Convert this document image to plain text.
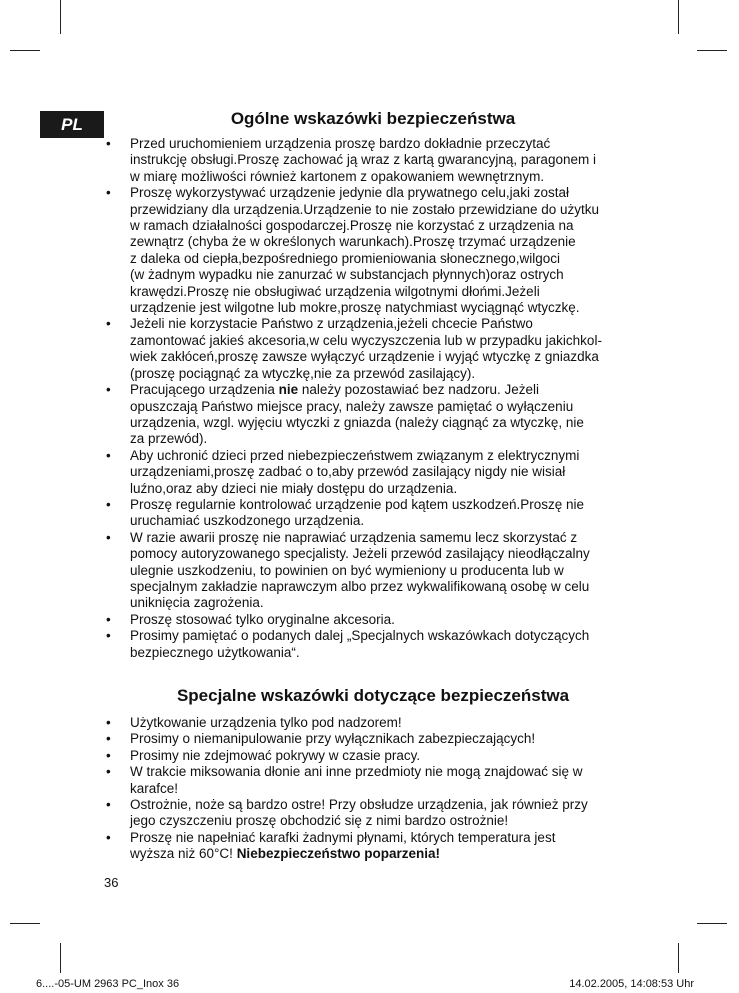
PL	Ogólne wskazówki bezpieczeństwa
• Przed uruchomieniem urządzenia proszę bardzo dokładnie przeczytać
instrukcję obsługi.Proszę zachować ją wraz z kartą gwarancyjną, paragonem i
w miarę możliwości również kartonem z opakowaniem wewnętrznym.
• Proszę wykorzystywać urządzenie jedynie dla prywatnego celu,jaki został
przewidziany dla urządzenia.Urządzenie to nie zostało przewidziane do użytku
w ramach działalności gospodarczej.Proszę nie korzystać z urządzenia na
zewnątrz (chyba że w określonych warunkach).Proszę trzymać urządzenie
z daleka od ciepła,bezpośredniego promieniowania słonecznego,wilgoci
(w żadnym wypadku nie zanurzać w substancjach płynnych)oraz ostrych
krawędzi.Proszę nie obsługiwać urządzenia wilgotnymi dłońmi.Jeżeli
urządzenie jest wilgotne lub mokre,proszę natychmiast wyciągnąć wtyczkę.
• Jeżeli nie korzystacie Państwo z urządzenia,jeżeli chcecie Państwo
zamontować jakieś akcesoria,w celu wyczyszczenia lub w przypadku jakichkol-
wiek zakłóceń,proszę zawsze wyłączyć urządzenie i wyjąć wtyczkę z gniazdka
(proszę pociągnąć za wtyczkę,nie za przewód zasilający).
• Pracującego urządzenia nie należy pozostawiać bez nadzoru. Jeżeli
opuszczają Państwo miejsce pracy, należy zawsze pamiętać o wyłączeniu
urządzenia, wzgl. wyjęciu wtyczki z gniazda (należy ciągnąć za wtyczkę, nie
za przewód).
• Aby uchronić dzieci przed niebezpieczeństwem związanym z elektrycznymi
urządzeniami,proszę zadbać o to,aby przewód zasilający nigdy nie wisiał
luźno,oraz aby dzieci nie miały dostępu do urządzenia.
• Proszę regularnie kontrolować urządzenie pod kątem uszkodzeń.Proszę nie
uruchamiać uszkodzonego urządzenia.
• W razie awarii proszę nie naprawiać urządzenia samemu lecz skorzystać z
pomocy autoryzowanego specjalisty. Jeżeli przewód zasilający nieodłączalny
ulegnie uszkodzeniu, to powinien on być wymieniony u producenta lub w
specjalnym zakładzie naprawczym albo przez wykwalifikowaną osobę w celu
uniknięcia zagrożenia.
• Proszę stosować tylko oryginalne akcesoria.
• Prosimy pamiętać o podanych dalej „Specjalnych wskazówkach dotyczących
bezpiecznego użytkowania“.
Specjalne wskazówki dotyczące bezpieczeństwa
• Użytkowanie urządzenia tylko pod nadzorem!
• Prosimy o niemanipulowanie przy wyłącznikach zabezpieczających!
• Prosimy nie zdejmować pokrywy w czasie pracy.
• W trakcie miksowania dłonie ani inne przedmioty nie mogą znajdować się w
karafce!
• Ostrożnie, noże są bardzo ostre! Przy obsłudze urządzenia, jak również przy
jego czyszczeniu proszę obchodzić się z nimi bardzo ostrożnie!
• Proszę nie napełniać karafki żadnymi płynami, których temperatura jest
wyższa niż 60°C! Niebezpieczeństwo poparzenia!
36
6....-05-UM 2963 PC_Inox 36	14.02.2005, 14:08:53 Uhr
